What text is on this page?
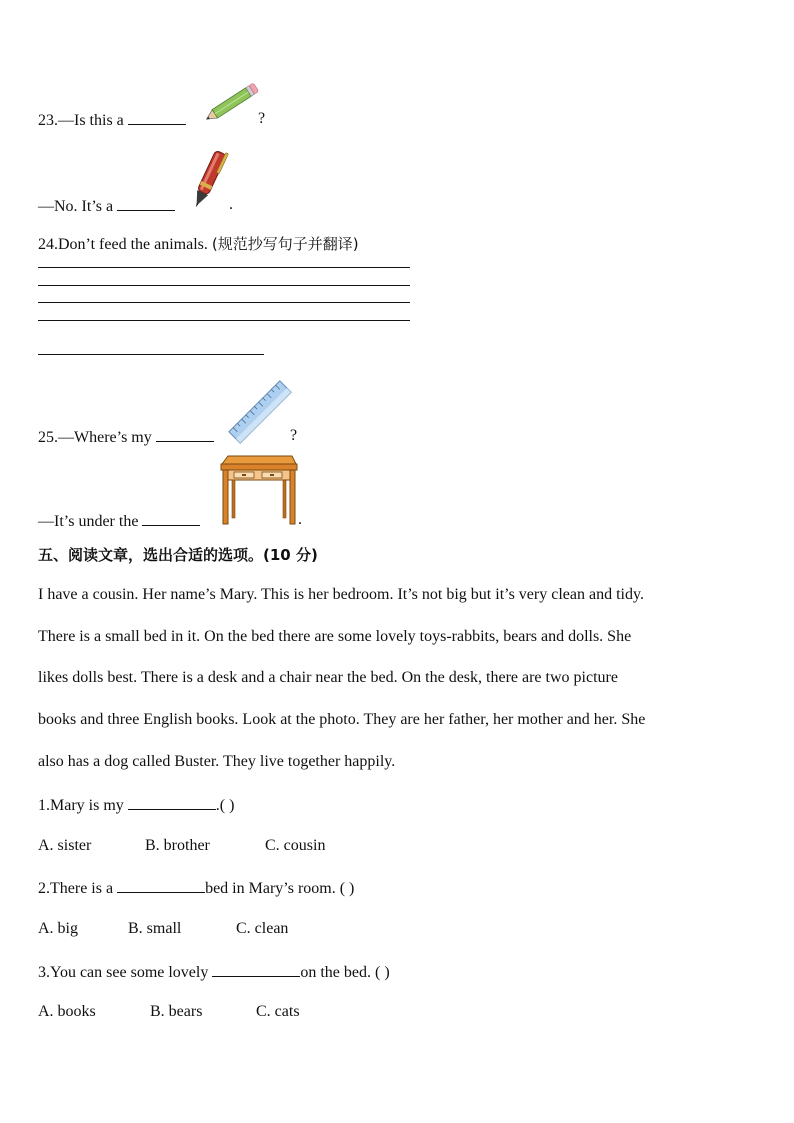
23.—Is this a	?
—No. It’s a	.
24.Don’t feed the animals. (规范抄写句子并翻译)
25.—Where’s my	?
—It’s under the	.
五、阅读文章，选出合适的选项。(10 分)
I have a cousin. Her name’s Mary. This is her bedroom. It’s not big but it’s very clean and tidy.
There is a small bed in it. On the bed there are some lovely toys-rabbits, bears and dolls. She
likes dolls best. There is a desk and a chair near the bed. On the desk, there are two picture
books and three English books. Look at the photo. They are her father, her mother and her. She
also has a dog called Buster. They live together happily.
1.Mary is my	.( )
A. sister	B. brother	C. cousin
2.There is a	bed in Mary’s room. ( )
A. big	B. small	C. clean
3.You can see some lovely	on the bed. ( )
A. books	B. bears	C. cats
